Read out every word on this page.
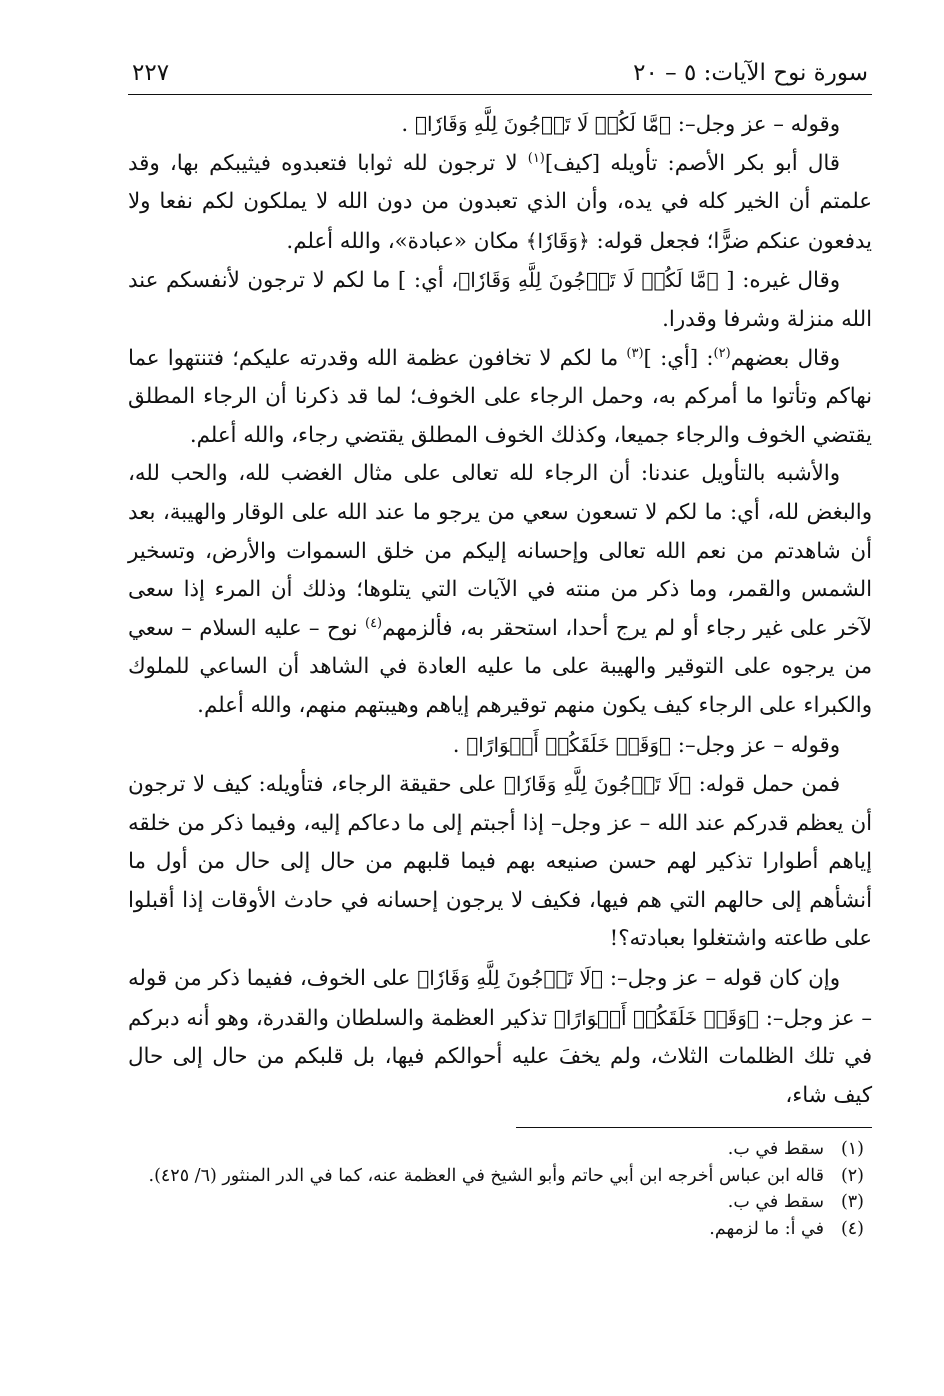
سورة نوح الآيات: ٥ – ٢٠
٢٢٧

وقوله – عز وجل–: ﴿مَّا لَكُمۡ لَا تَرۡجُونَ لِلَّهِ وَقَارٗا﴾ .

قال أبو بكر الأصم: تأويله [كيف]$^{(١)}$ لا ترجون لله ثوابا فتعبدوه فيثيبكم بها، وقد علمتم أن الخير كله في يده، وأن الذي تعبدون من دون الله لا يملكون لكم نفعا ولا يدفعون عنكم ضرًّا؛ فجعل قوله: ﴿وَقَارٗا﴾ مكان «عبادة»، والله أعلم.

وقال غيره: [ ﴿مَّا لَكُمۡ لَا تَرۡجُونَ لِلَّهِ وَقَارٗا﴾، أي: ] ما لكم لا ترجون لأنفسكم عند الله منزلة وشرفا وقدرا.

وقال بعضهم$^{(٢)}$: [أي: ]$^{(٣)}$ ما لكم لا تخافون عظمة الله وقدرته عليكم؛ فتنتهوا عما نهاكم وتأتوا ما أمركم به، وحمل الرجاء على الخوف؛ لما قد ذكرنا أن الرجاء المطلق يقتضي الخوف والرجاء جميعا، وكذلك الخوف المطلق يقتضي رجاء، والله أعلم.

والأشبه بالتأويل عندنا: أن الرجاء لله تعالى على مثال الغضب لله، والحب لله، والبغض لله، أي: ما لكم لا تسعون سعي من يرجو ما عند الله على الوقار والهيبة، بعد أن شاهدتم من نعم الله تعالى وإحسانه إليكم من خلق السموات والأرض، وتسخير الشمس والقمر، وما ذكر من منته في الآيات التي يتلوها؛ وذلك أن المرء إذا سعى لآخر على غير رجاء أو لم يرج أحدا، استحقر به، فألزمهم$^{(٤)}$ نوح – عليه السلام – سعي من يرجوه على التوقير والهيبة على ما عليه العادة في الشاهد أن الساعي للملوك والكبراء على الرجاء كيف يكون منهم توقيرهم إياهم وهيبتهم منهم، والله أعلم.

وقوله – عز وجل–: ﴿وَقَدۡ خَلَقَكُمۡ أَطۡوَارًا﴾ .

فمن حمل قوله: ﴿لَا تَرۡجُونَ لِلَّهِ وَقَارٗا﴾ على حقيقة الرجاء، فتأويله: كيف لا ترجون أن يعظم قدركم عند الله – عز وجل– إذا أجبتم إلى ما دعاكم إليه، وفيما ذكر من خلقه إياهم أطوارا تذكير لهم حسن صنيعه بهم فيما قلبهم من حال إلى حال من أول ما أنشأهم إلى حالهم التي هم فيها، فكيف لا يرجون إحسانه في حادث الأوقات إذا أقبلوا على طاعته واشتغلوا بعبادته؟!

وإن كان قوله – عز وجل–: ﴿لَا تَرۡجُونَ لِلَّهِ وَقَارٗا﴾ على الخوف، ففيما ذكر من قوله – عز وجل–: ﴿وَقَدۡ خَلَقَكُمۡ أَطۡوَارًا﴾ تذكير العظمة والسلطان والقدرة، وهو أنه دبركم في تلك الظلمات الثلاث، ولم يخفَ عليه أحوالكم فيها، بل قلبكم من حال إلى حال كيف شاء،

(١)
سقط في ب.
(٢)
قاله ابن عباس أخرجه ابن أبي حاتم وأبو الشيخ في العظمة عنه، كما في الدر المنثور (٦/ ٤٢٥).
(٣)
سقط في ب.
(٤)
في أ: ما لزمهم.
